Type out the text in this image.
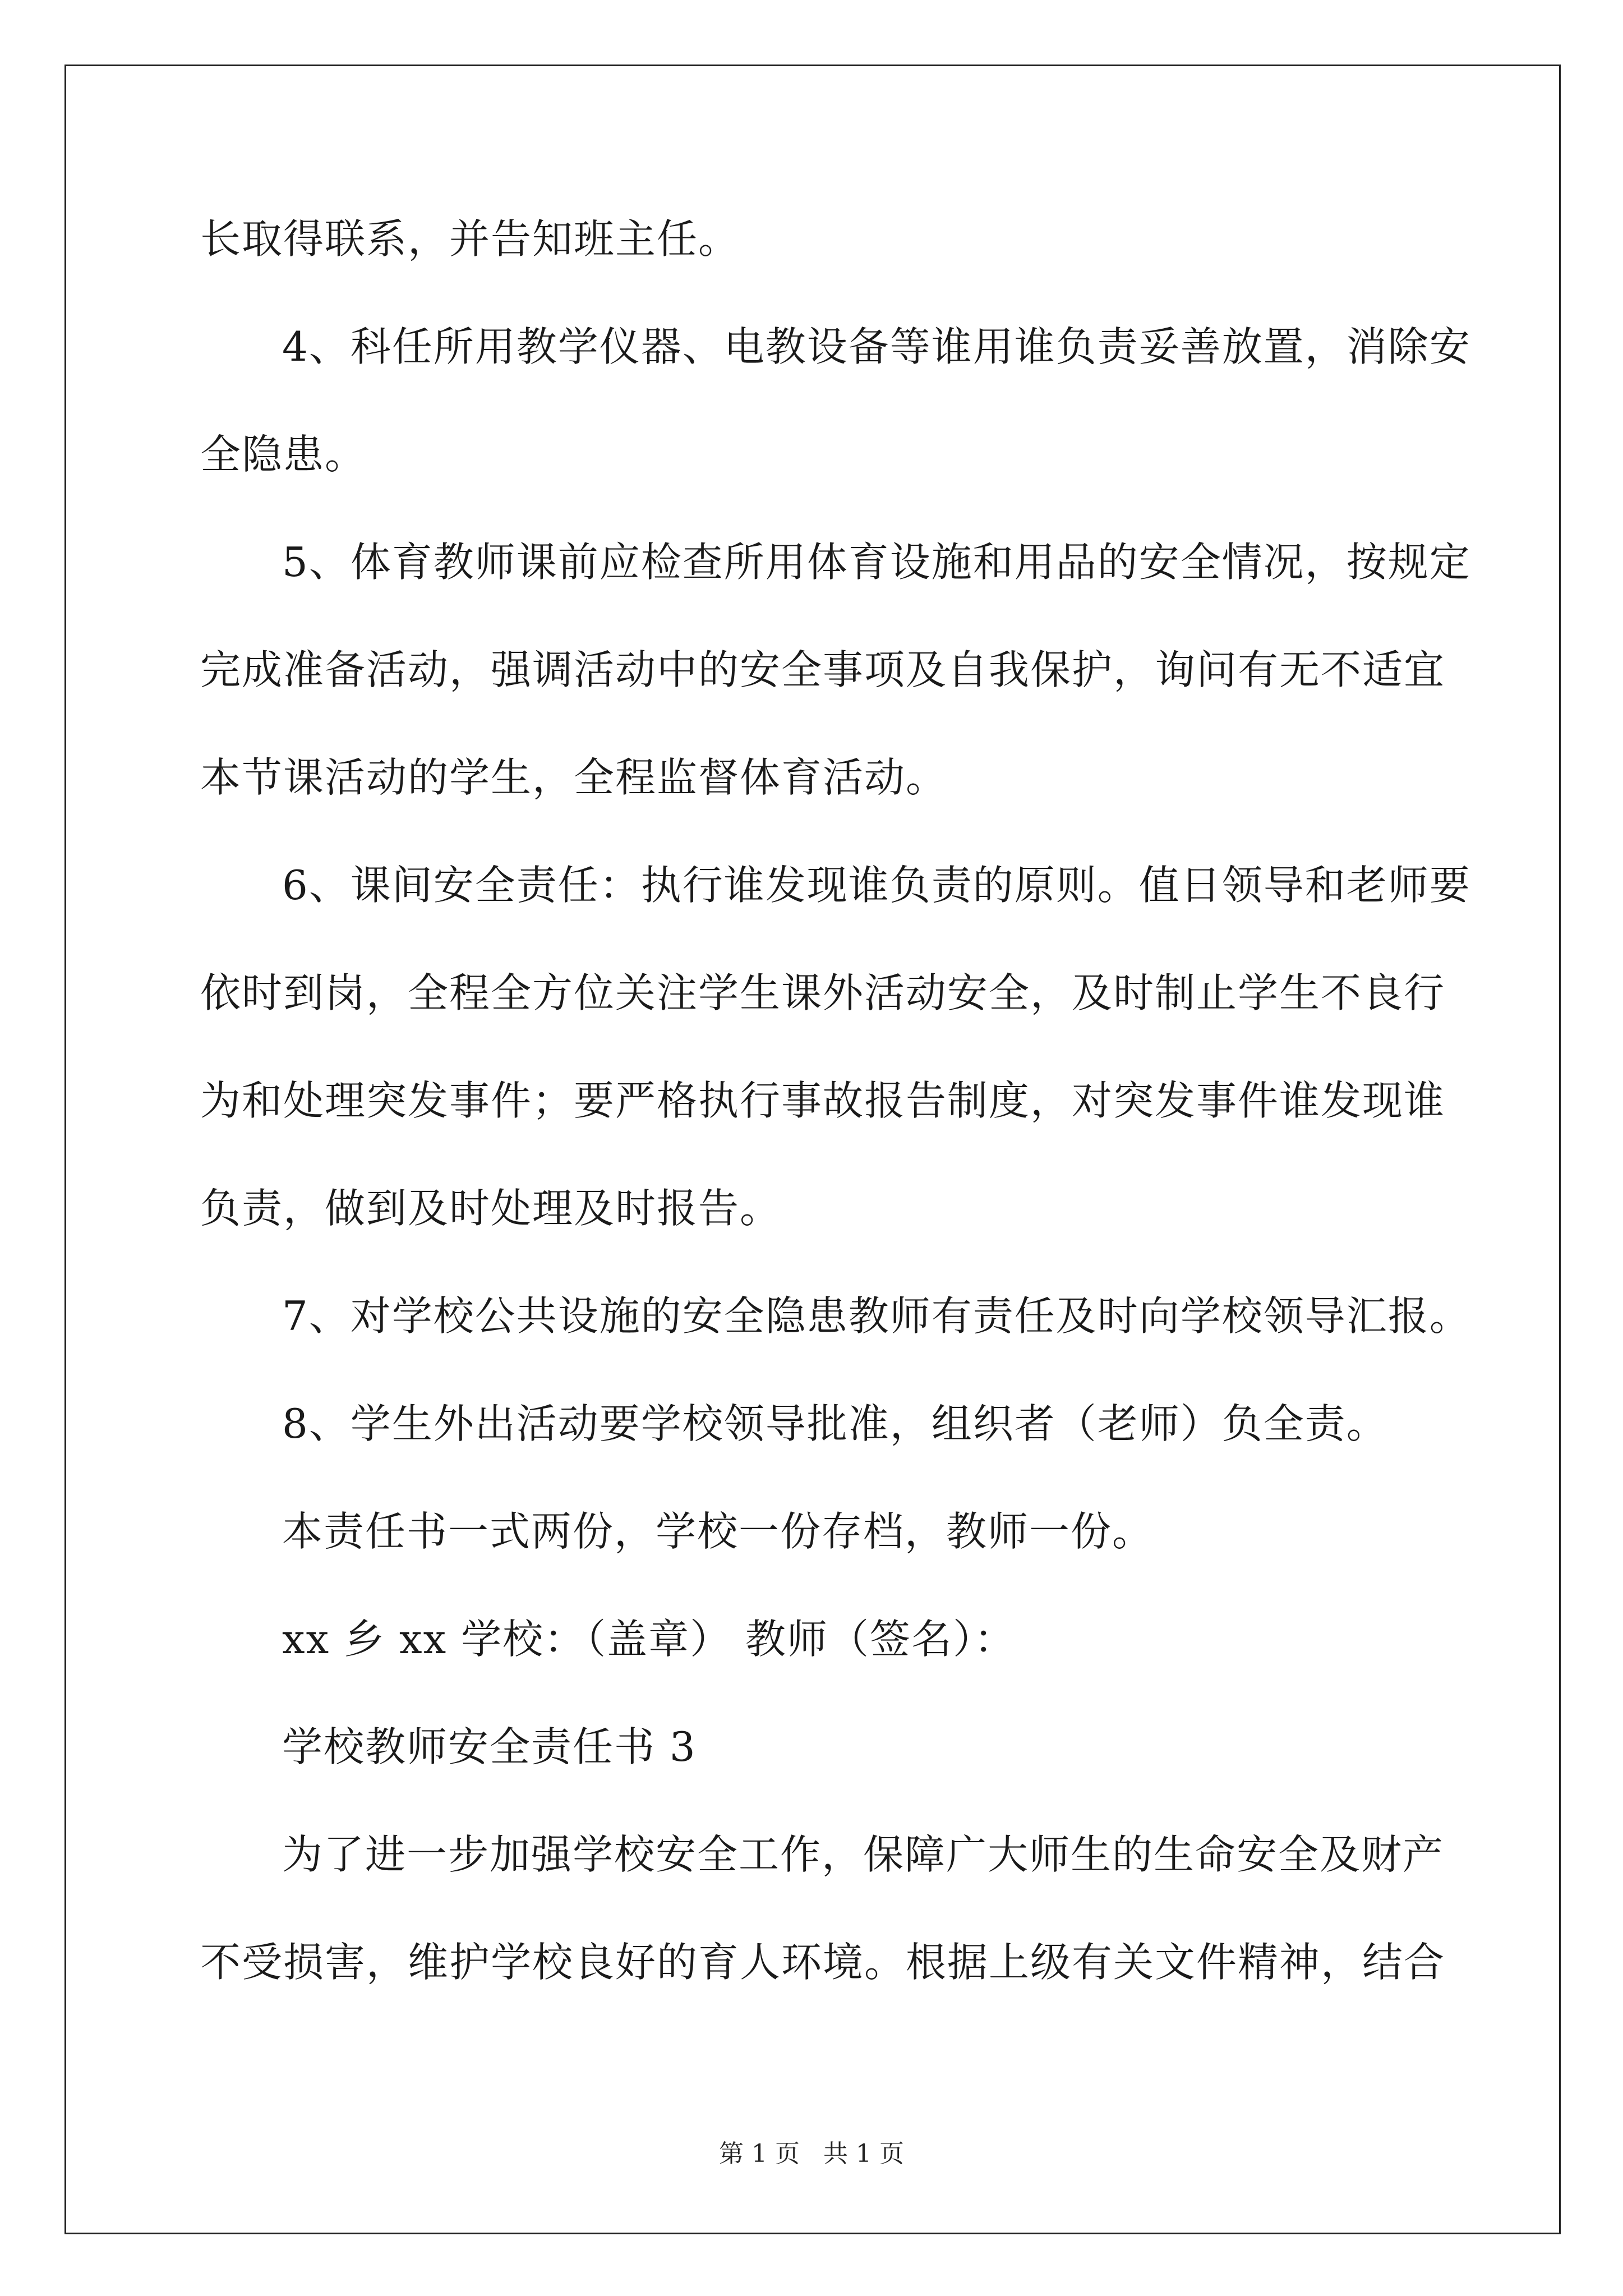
长取得联系，并告知班主任。
4、科任所用教学仪器、电教设备等谁用谁负责妥善放置，消除安
全隐患。
5、体育教师课前应检查所用体育设施和用品的安全情况，按规定
完成准备活动，强调活动中的安全事项及自我保护，询问有无不适宜
本节课活动的学生，全程监督体育活动。
6、课间安全责任：执行谁发现谁负责的原则。值日领导和老师要
依时到岗，全程全方位关注学生课外活动安全，及时制止学生不良行
为和处理突发事件；要严格执行事故报告制度，对突发事件谁发现谁
负责，做到及时处理及时报告。
7、对学校公共设施的安全隐患教师有责任及时向学校领导汇报。
8、学生外出活动要学校领导批准，组织者（老师）负全责。
本责任书一式两份，学校一份存档，教师一份。
xx 乡 xx 学校：（盖章） 教师（签名）：
学校教师安全责任书 3
为了进一步加强学校安全工作，保障广大师生的生命安全及财产
不受损害，维护学校良好的育人环境。根据上级有关文件精神，结合
第 1 页   共 1 页
